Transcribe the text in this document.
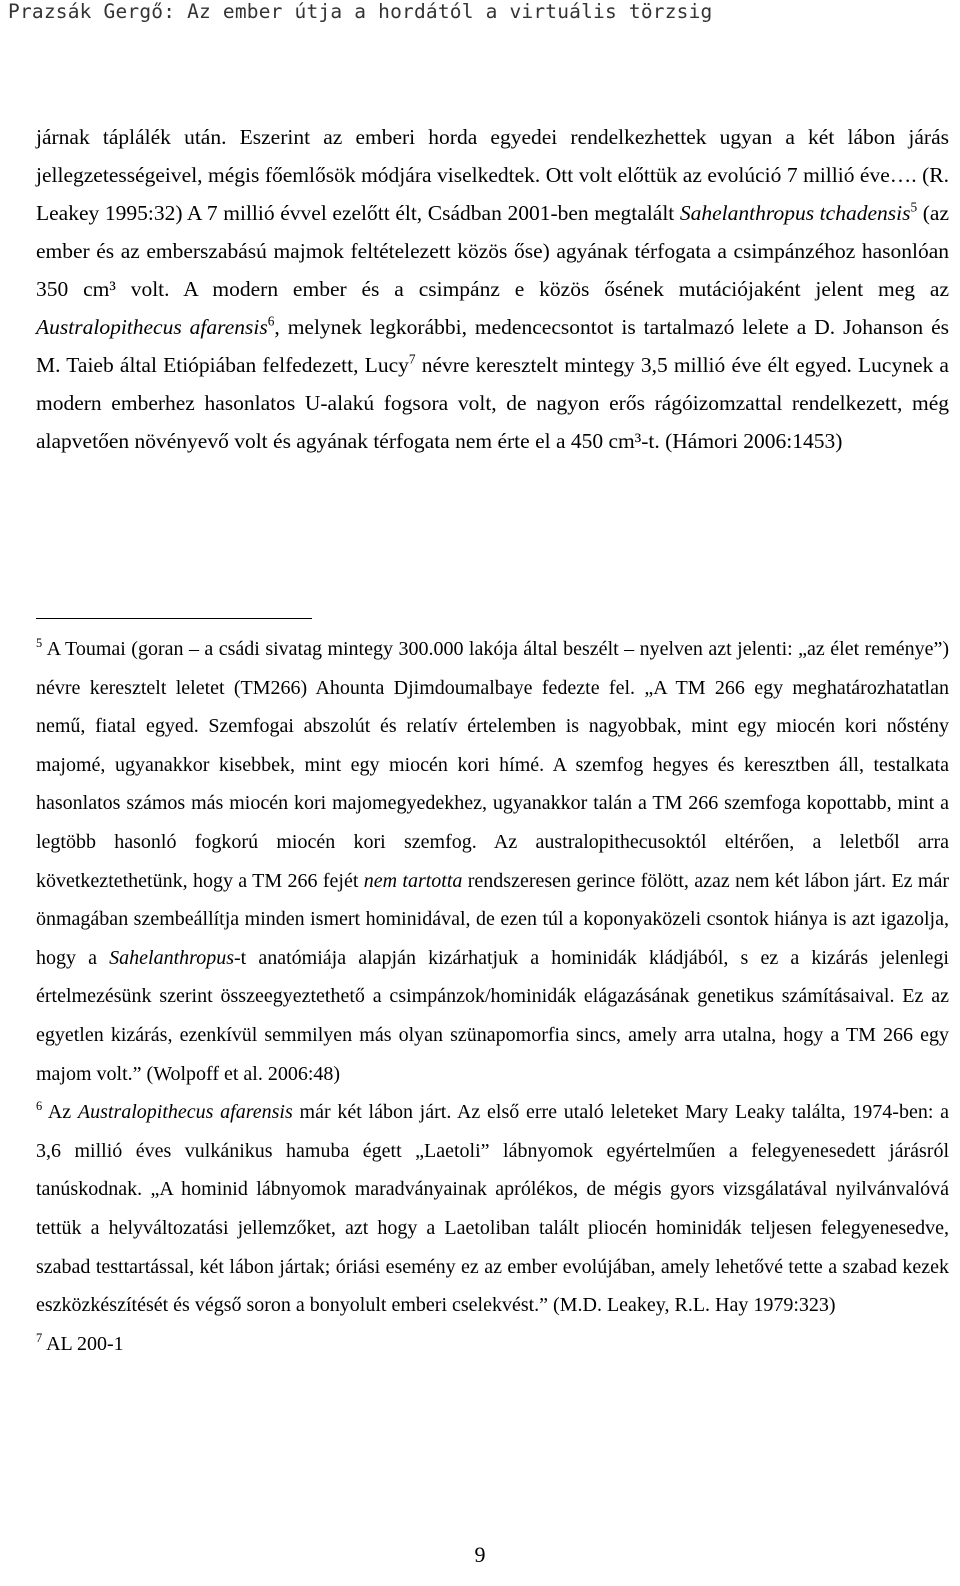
Prazsák Gergő: Az ember útja a hordától a virtuális törzsig

járnak táplálék után. Eszerint az emberi horda egyedei rendelkezhettek ugyan a két lábon járás jellegzetességeivel, mégis főemlősök módjára viselkedtek. Ott volt előttük az evolúció 7 millió éve…. (R. Leakey 1995:32) A 7 millió évvel ezelőtt élt, Csádban 2001-ben megtalált Sahelanthropus tchadensis$^5$ (az ember és az emberszabású majmok feltételezett közös őse) agyának térfogata a csimpánzéhoz hasonlóan 350 cm³ volt. A modern ember és a csimpánz e közös ősének mutációjaként jelent meg az Australopithecus afarensis$^6$, melynek legkorábbi, medencecsontot is tartalmazó lelete a D. Johanson és M. Taieb által Etiópiában felfedezett, Lucy$^7$ névre keresztelt mintegy 3,5 millió éve élt egyed. Lucynek a modern emberhez hasonlatos U-alakú fogsora volt, de nagyon erős rágóizomzattal rendelkezett, még alapvetően növényevő volt és agyának térfogata nem érte el a 450 cm³-t. (Hámori 2006:1453)

$^5$ A Toumai (goran – a csádi sivatag mintegy 300.000 lakója által beszélt – nyelven azt jelenti: „az élet reménye”) névre keresztelt leletet (TM266) Ahounta Djimdoumalbaye fedezte fel. „A TM 266 egy meghatározhatatlan nemű, fiatal egyed. Szemfogai abszolút és relatív értelemben is nagyobbak, mint egy miocén kori nőstény majomé, ugyanakkor kisebbek, mint egy miocén kori hímé. A szemfog hegyes és keresztben áll, testalkata hasonlatos számos más miocén kori majomegyedekhez, ugyanakkor talán a TM 266 szemfoga kopottabb, mint a legtöbb hasonló fogkorú miocén kori szemfog. Az australopithecusoktól eltérően, a leletből arra következtethetünk, hogy a TM 266 fejét nem tartotta rendszeresen gerince fölött, azaz nem két lábon járt. Ez már önmagában szembeállítja minden ismert hominidával, de ezen túl a koponyaközeli csontok hiánya is azt igazolja, hogy a Sahelanthropus-t anatómiája alapján kizárhatjuk a hominidák kládjából, s ez a kizárás jelenlegi értelmezésünk szerint összeegyeztethető a csimpánzok/hominidák elágazásának genetikus számításaival. Ez az egyetlen kizárás, ezenkívül semmilyen más olyan szünapomorfia sincs, amely arra utalna, hogy a TM 266 egy majom volt.” (Wolpoff et al. 2006:48)

$^6$ Az Australopithecus afarensis már két lábon járt. Az első erre utaló leleteket Mary Leaky találta, 1974-ben: a 3,6 millió éves vulkánikus hamuba égett „Laetoli” lábnyomok egyértelműen a felegyenesedett járásról tanúskodnak. „A hominid lábnyomok maradványainak aprólékos, de mégis gyors vizsgálatával nyilvánvalóvá tettük a helyváltozatási jellemzőket, azt hogy a Laetoliban talált pliocén hominidák teljesen felegyenesedve, szabad testtartással, két lábon jártak; óriási esemény ez az ember evolújában, amely lehetővé tette a szabad kezek eszközkészítését és végső soron a bonyolult emberi cselekvést.” (M.D. Leakey, R.L. Hay 1979:323)

$^7$ AL 200-1

9
